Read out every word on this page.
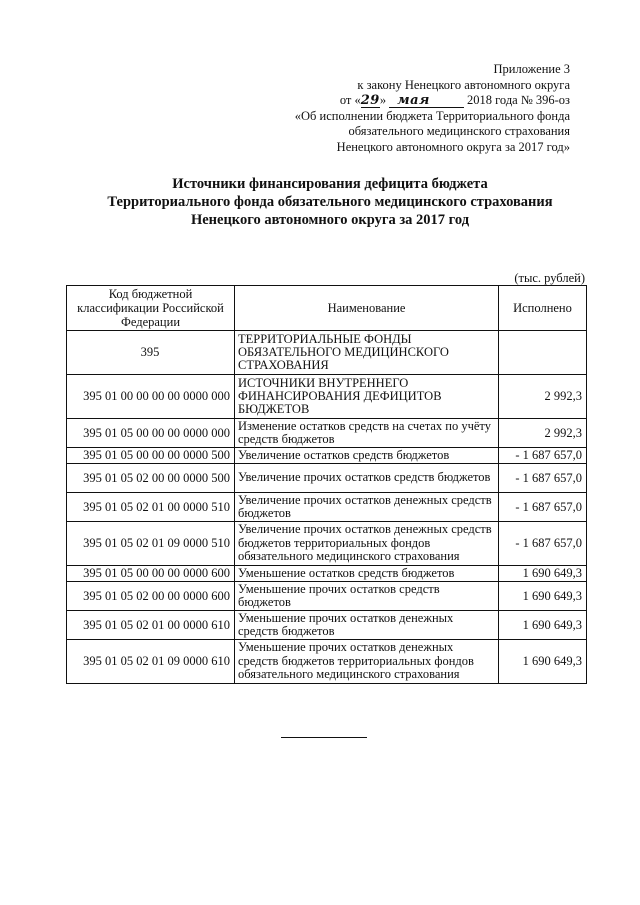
Приложение 3
к закону Ненецкого автономного округа
от «29» мая	2018 года № 396-оз
«Об исполнении бюджета Территориального фонда
обязательного медицинского страхования
Ненецкого автономного округа за 2017 год»
Источники финансирования дефицита бюджета
Территориального фонда обязательного медицинского страхования
Ненецкого автономного округа за 2017 год
(тыс. рублей)
Код бюджетной классификации Российской Федерации	Наименование	Исполнено
395	ТЕРРИТОРИАЛЬНЫЕ ФОНДЫ ОБЯЗАТЕЛЬНОГО МЕДИЦИНСКОГО СТРАХОВАНИЯ	
395 01 00 00 00 00 0000 000	ИСТОЧНИКИ ВНУТРЕННЕГО ФИНАНСИРОВАНИЯ ДЕФИЦИТОВ БЮДЖЕТОВ	2 992,3
395 01 05 00 00 00 0000 000	Изменение остатков средств на счетах по учёту средств бюджетов	2 992,3
395 01 05 00 00 00 0000 500	Увеличение остатков средств бюджетов	- 1 687 657,0
395 01 05 02 00 00 0000 500	Увеличение прочих остатков средств бюджетов	- 1 687 657,0
395 01 05 02 01 00 0000 510	Увеличение прочих остатков денежных средств бюджетов	- 1 687 657,0
395 01 05 02 01 09 0000 510	Увеличение прочих остатков денежных средств бюджетов территориальных фондов обязательного медицинского страхования	- 1 687 657,0
395 01 05 00 00 00 0000 600	Уменьшение остатков средств бюджетов	1 690 649,3
395 01 05 02 00 00 0000 600	Уменьшение прочих остатков средств бюджетов	1 690 649,3
395 01 05 02 01 00 0000 610	Уменьшение прочих остатков денежных средств бюджетов	1 690 649,3
395 01 05 02 01 09 0000 610	Уменьшение прочих остатков денежных средств бюджетов территориальных фондов обязательного медицинского страхования	1 690 649,3
